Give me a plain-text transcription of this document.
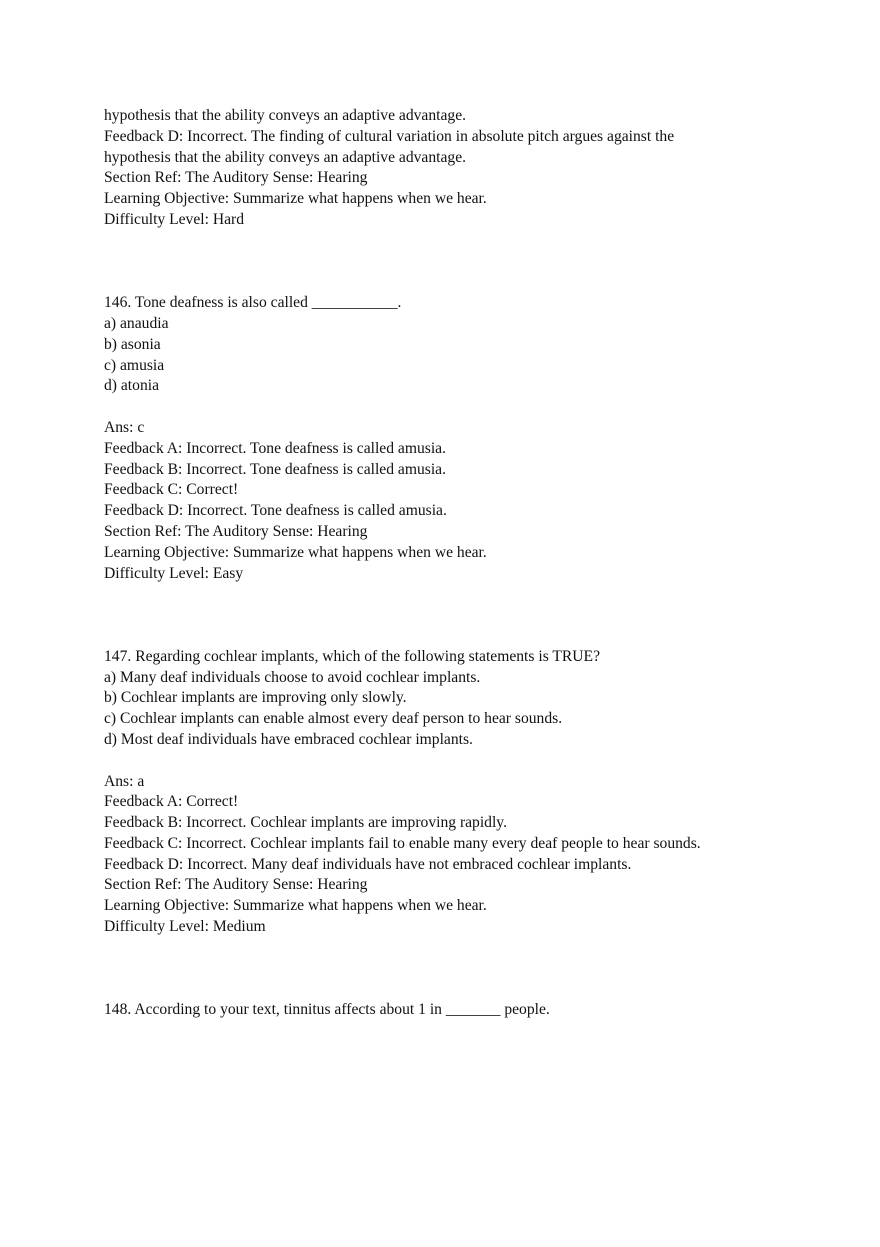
hypothesis that the ability conveys an adaptive advantage.
Feedback D: Incorrect. The finding of cultural variation in absolute pitch argues against the
hypothesis that the ability conveys an adaptive advantage.
Section Ref: The Auditory Sense: Hearing
Learning Objective: Summarize what happens when we hear.
Difficulty Level: Hard
146. Tone deafness is also called ___________.
a) anaudia
b) asonia
c) amusia
d) atonia
Ans: c
Feedback A: Incorrect. Tone deafness is called amusia.
Feedback B: Incorrect. Tone deafness is called amusia.
Feedback C: Correct!
Feedback D: Incorrect. Tone deafness is called amusia.
Section Ref: The Auditory Sense: Hearing
Learning Objective: Summarize what happens when we hear.
Difficulty Level: Easy
147. Regarding cochlear implants, which of the following statements is TRUE?
a) Many deaf individuals choose to avoid cochlear implants.
b) Cochlear implants are improving only slowly.
c) Cochlear implants can enable almost every deaf person to hear sounds.
d) Most deaf individuals have embraced cochlear implants.
Ans: a
Feedback A: Correct!
Feedback B: Incorrect. Cochlear implants are improving rapidly.
Feedback C: Incorrect. Cochlear implants fail to enable many every deaf people to hear sounds.
Feedback D: Incorrect. Many deaf individuals have not embraced cochlear implants.
Section Ref: The Auditory Sense: Hearing
Learning Objective: Summarize what happens when we hear.
Difficulty Level: Medium
148. According to your text, tinnitus affects about 1 in _______ people.
